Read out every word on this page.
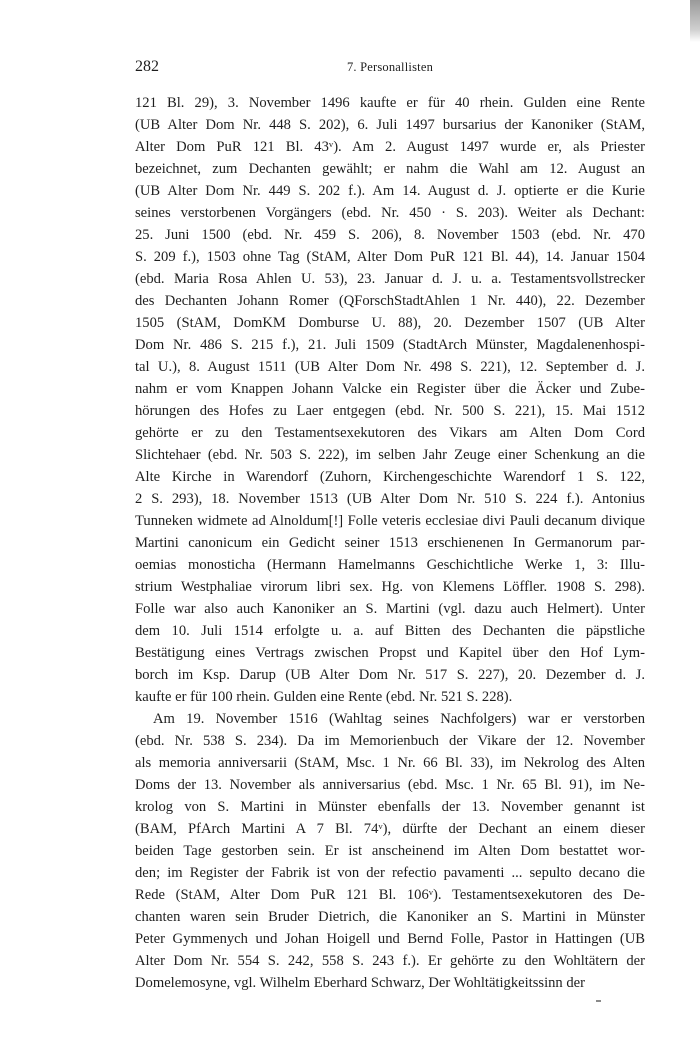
282	7. Personallisten

121 Bl. 29), 3. November 1496 kaufte er für 40 rhein. Gulden eine Rente
(UB Alter Dom Nr. 448 S. 202), 6. Juli 1497 bursarius der Kanoniker (StAM,
Alter Dom PuR 121 Bl. 43ᵛ). Am 2. August 1497 wurde er, als Priester
bezeichnet, zum Dechanten gewählt; er nahm die Wahl am 12. August an
(UB Alter Dom Nr. 449 S. 202 f.). Am 14. August d. J. optierte er die Kurie
seines verstorbenen Vorgängers (ebd. Nr. 450 · S. 203). Weiter als Dechant:
25. Juni 1500 (ebd. Nr. 459 S. 206), 8. November 1503 (ebd. Nr. 470
S. 209 f.), 1503 ohne Tag (StAM, Alter Dom PuR 121 Bl. 44), 14. Januar 1504
(ebd. Maria Rosa Ahlen U. 53), 23. Januar d. J. u. a. Testamentsvollstrecker
des Dechanten Johann Romer (QForschStadtAhlen 1 Nr. 440), 22. Dezember
1505 (StAM, DomKM Domburse U. 88), 20. Dezember 1507 (UB Alter
Dom Nr. 486 S. 215 f.), 21. Juli 1509 (StadtArch Münster, Magdalenenhospi-
tal U.), 8. August 1511 (UB Alter Dom Nr. 498 S. 221), 12. September d. J.
nahm er vom Knappen Johann Valcke ein Register über die Äcker und Zube-
hörungen des Hofes zu Laer entgegen (ebd. Nr. 500 S. 221), 15. Mai 1512
gehörte er zu den Testamentsexekutoren des Vikars am Alten Dom Cord
Slichtehaer (ebd. Nr. 503 S. 222), im selben Jahr Zeuge einer Schenkung an die
Alte Kirche in Warendorf (Zuhorn, Kirchengeschichte Warendorf 1 S. 122,
2 S. 293), 18. November 1513 (UB Alter Dom Nr. 510 S. 224 f.). Antonius
Tunneken widmete ad Alnoldum[!] Folle veteris ecclesiae divi Pauli decanum divique
Martini canonicum ein Gedicht seiner 1513 erschienenen In Germanorum par-
oemias monosticha (Hermann Hamelmanns Geschichtliche Werke 1, 3: Illu-
strium Westphaliae virorum libri sex. Hg. von Klemens Löffler. 1908 S. 298).
Folle war also auch Kanoniker an S. Martini (vgl. dazu auch Helmert). Unter
dem 10. Juli 1514 erfolgte u. a. auf Bitten des Dechanten die päpstliche
Bestätigung eines Vertrags zwischen Propst und Kapitel über den Hof Lym-
borch im Ksp. Darup (UB Alter Dom Nr. 517 S. 227), 20. Dezember d. J.
kaufte er für 100 rhein. Gulden eine Rente (ebd. Nr. 521 S. 228).

Am 19. November 1516 (Wahltag seines Nachfolgers) war er verstorben
(ebd. Nr. 538 S. 234). Da im Memorienbuch der Vikare der 12. November
als memoria anniversarii (StAM, Msc. 1 Nr. 66 Bl. 33), im Nekrolog des Alten
Doms der 13. November als anniversarius (ebd. Msc. 1 Nr. 65 Bl. 91), im Ne-
krolog von S. Martini in Münster ebenfalls der 13. November genannt ist
(BAM, PfArch Martini A 7 Bl. 74ᵛ), dürfte der Dechant an einem dieser
beiden Tage gestorben sein. Er ist anscheinend im Alten Dom bestattet wor-
den; im Register der Fabrik ist von der refectio pavamenti ... sepulto decano die
Rede (StAM, Alter Dom PuR 121 Bl. 106ᵛ). Testamentsexekutoren des De-
chanten waren sein Bruder Dietrich, die Kanoniker an S. Martini in Münster
Peter Gymmenych und Johan Hoigell und Bernd Folle, Pastor in Hattingen (UB
Alter Dom Nr. 554 S. 242, 558 S. 243 f.). Er gehörte zu den Wohltätern der
Domelemosyne, vgl. Wilhelm Eberhard Schwarz, Der Wohltätigkeitssinn der
